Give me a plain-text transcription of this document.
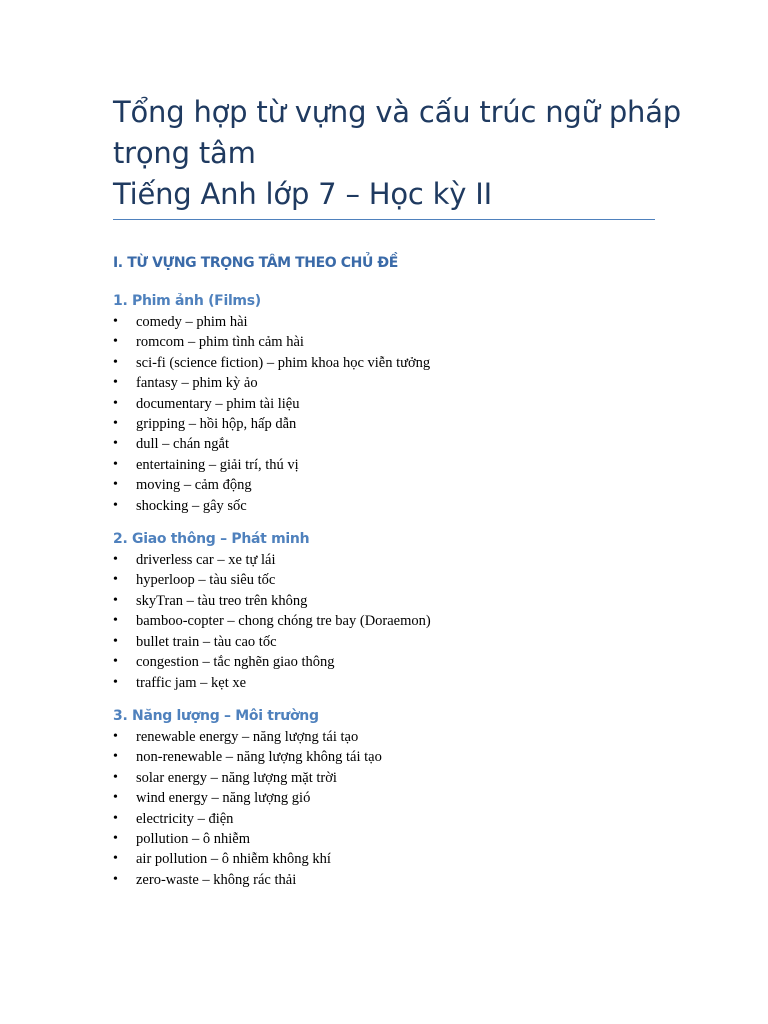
Tổng hợp từ vựng và cấu trúc ngữ pháp
trọng tâm
Tiếng Anh lớp 7 – Học kỳ II
I. TỪ VỰNG TRỌNG TÂM THEO CHỦ ĐỀ
1. Phim ảnh (Films)
• comedy – phim hài
• romcom – phim tình cảm hài
• sci-fi (science fiction) – phim khoa học viễn tưởng
• fantasy – phim kỳ ảo
• documentary – phim tài liệu
• gripping – hồi hộp, hấp dẫn
• dull – chán ngắt
• entertaining – giải trí, thú vị
• moving – cảm động
• shocking – gây sốc
2. Giao thông – Phát minh
• driverless car – xe tự lái
• hyperloop – tàu siêu tốc
• skyTran – tàu treo trên không
• bamboo-copter – chong chóng tre bay (Doraemon)
• bullet train – tàu cao tốc
• congestion – tắc nghẽn giao thông
• traffic jam – kẹt xe
3. Năng lượng – Môi trường
• renewable energy – năng lượng tái tạo
• non-renewable – năng lượng không tái tạo
• solar energy – năng lượng mặt trời
• wind energy – năng lượng gió
• electricity – điện
• pollution – ô nhiễm
• air pollution – ô nhiễm không khí
• zero-waste – không rác thải
